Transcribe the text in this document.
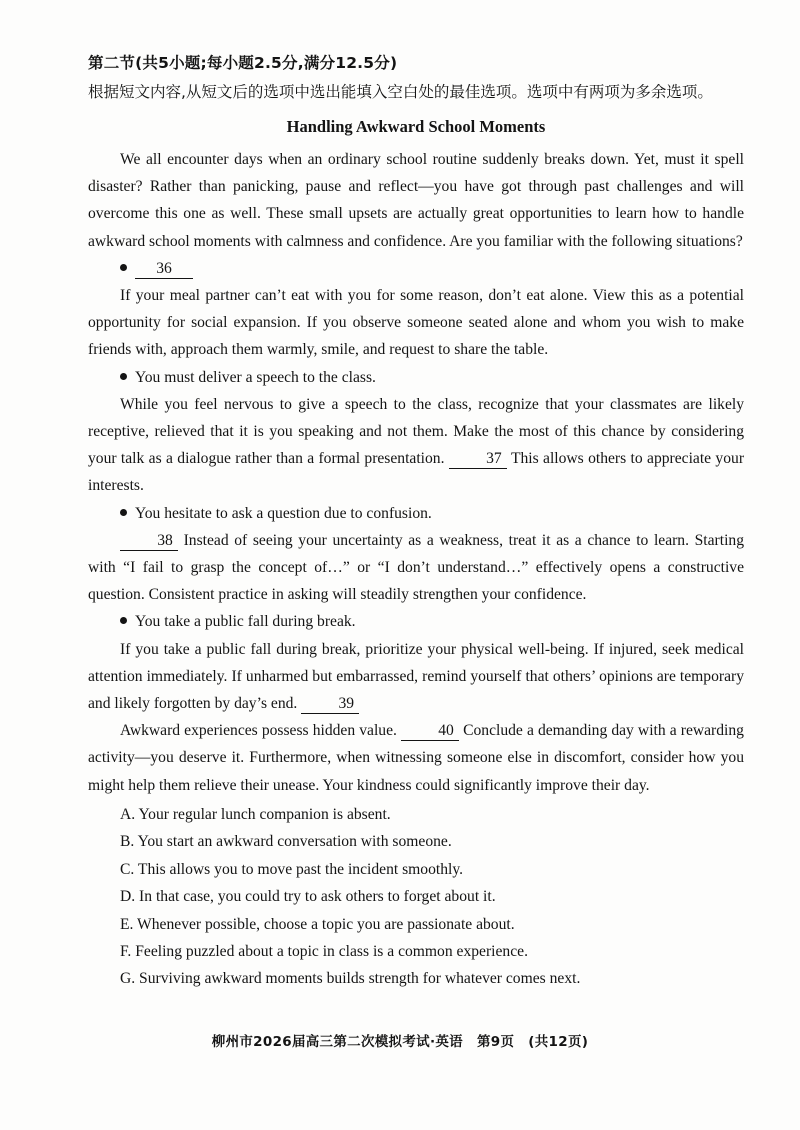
第二节(共5小题;每小题2.5分,满分12.5分)

根据短文内容,从短文后的选项中选出能填入空白处的最佳选项。选项中有两项为多余选项。

Handling Awkward School Moments

We all encounter days when an ordinary school routine suddenly breaks down. Yet, must it spell disaster? Rather than panicking, pause and reflect—you have got through past challenges and will overcome this one as well. These small upsets are actually great opportunities to learn how to handle awkward school moments with calmness and confidence. Are you familiar with the following situations?

36

If your meal partner can’t eat with you for some reason, don’t eat alone. View this as a potential opportunity for social expansion. If you observe someone seated alone and whom you wish to make friends with, approach them warmly, smile, and request to share the table.

You must deliver a speech to the class.

While you feel nervous to give a speech to the class, recognize that your classmates are likely receptive, relieved that it is you speaking and not them. Make the most of this chance by considering your talk as a dialogue rather than a formal presentation.	37 This allows others to appreciate your interests.

You hesitate to ask a question due to confusion.

38 Instead of seeing your uncertainty as a weakness, treat it as a chance to learn. Starting with “I fail to grasp the concept of…” or “I don’t understand…” effectively opens a constructive question. Consistent practice in asking will steadily strengthen your confidence.

You take a public fall during break.

If you take a public fall during break, prioritize your physical well-being. If injured, seek medical attention immediately. If unharmed but embarrassed, remind yourself that others’ opinions are temporary and likely forgotten by day’s end.	39

Awkward experiences possess hidden value.	40 Conclude a demanding day with a rewarding activity—you deserve it. Furthermore, when witnessing someone else in discomfort, consider how you might help them relieve their unease. Your kindness could significantly improve their day.

A. Your regular lunch companion is absent.

B. You start an awkward conversation with someone.

C. This allows you to move past the incident smoothly.

D. In that case, you could try to ask others to forget about it.

E. Whenever possible, choose a topic you are passionate about.

F. Feeling puzzled about a topic in class is a common experience.

G. Surviving awkward moments builds strength for whatever comes next.

柳州市2026届高三第二次模拟考试·英语 第9页 (共12页)
